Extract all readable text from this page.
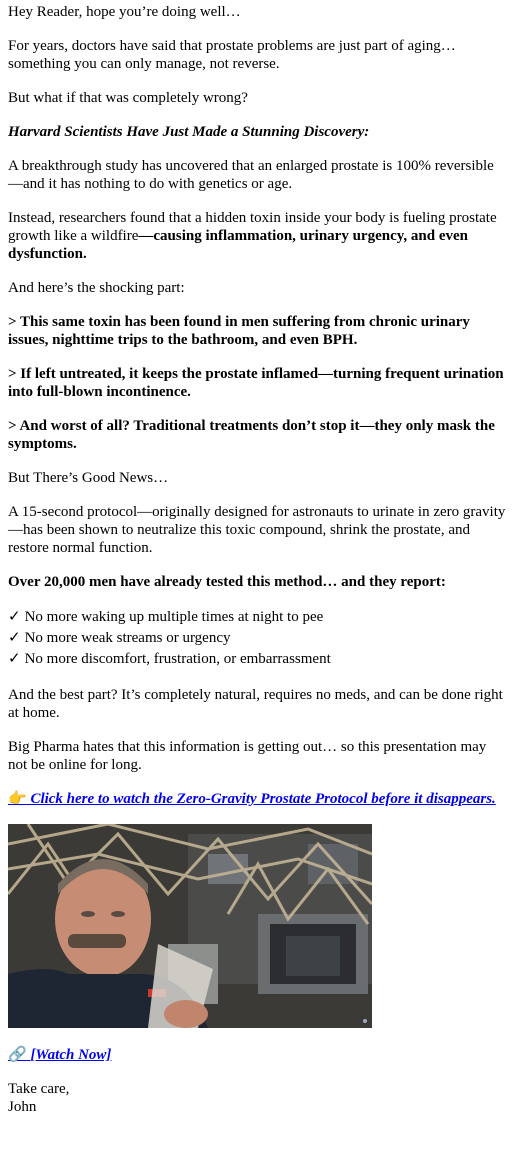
Hey Reader, hope you’re doing well…

For years, doctors have said that prostate problems are just part of aging… something you can only manage, not reverse.

But what if that was completely wrong?

Harvard Scientists Have Just Made a Stunning Discovery:

A breakthrough study has uncovered that an enlarged prostate is 100% reversible—and it has nothing to do with genetics or age.

Instead, researchers found that a hidden toxin inside your body is fueling prostate growth like a wildfire—causing inflammation, urinary urgency, and even dysfunction.

And here’s the shocking part:

> This same toxin has been found in men suffering from chronic urinary issues, nighttime trips to the bathroom, and even BPH.

> If left untreated, it keeps the prostate inflamed—turning frequent urination into full-blown incontinence.

> And worst of all? Traditional treatments don’t stop it—they only mask the symptoms.

But There’s Good News…

A 15-second protocol—originally designed for astronauts to urinate in zero gravity—has been shown to neutralize this toxic compound, shrink the prostate, and restore normal function.

Over 20,000 men have already tested this method… and they report:

✓ No more waking up multiple times at night to pee
✓ No more weak streams or urgency
✓ No more discomfort, frustration, or embarrassment

And the best part? It’s completely natural, requires no meds, and can be done right at home.

Big Pharma hates that this information is getting out… so this presentation may not be online for long.

👉 Click here to watch the Zero-Gravity Prostate Protocol before it disappears.

🔗 [Watch Now]

Take care,

John
